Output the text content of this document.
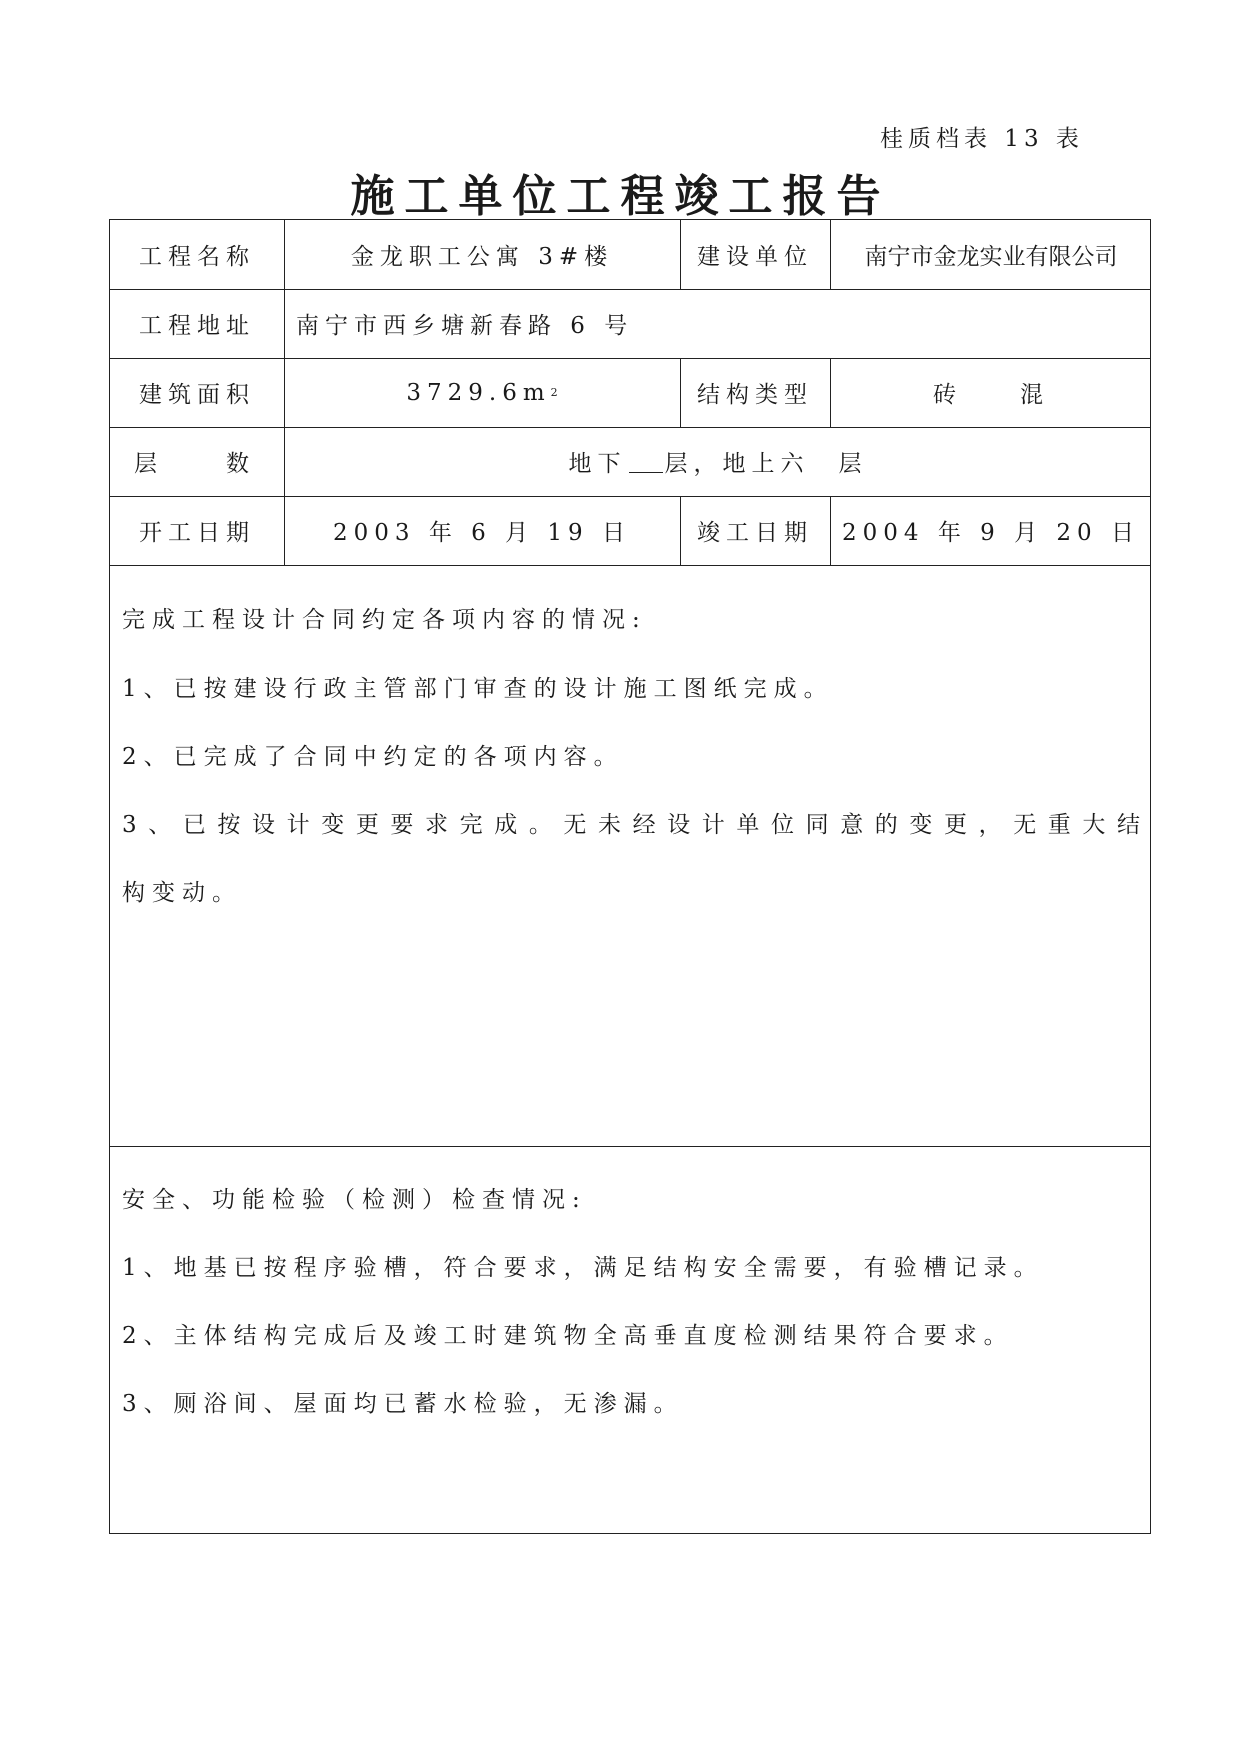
桂质档表 13 表
施工单位工程竣工报告
工程名称	金龙职工公寓 3#楼	建设单位	南宁市金龙实业有限公司
工程地址	南宁市西乡塘新春路 6 号
建筑面积	3729.6m 2	结构类型	砖　　混
层　　　数	地下 层， 地上六　层
开工日期	2003 年 6 月 19 日	竣工日期	2004 年 9 月 20 日
完成工程设计合同约定各项内容的情况:
1、已按建设行政主管部门审查的设计施工图纸完成。
2、已完成了合同中约定的各项内容。
3、已按设计变更要求完成。无未经设计单位同意的变更，无重大结
构变动。
安全、功能检验（检测）检查情况:
1、地基已按程序验槽，符合要求，满足结构安全需要，有验槽记录。
2、主体结构完成后及竣工时建筑物全高垂直度检测结果符合要求。
3、厕浴间、屋面均已蓄水检验，无渗漏。
